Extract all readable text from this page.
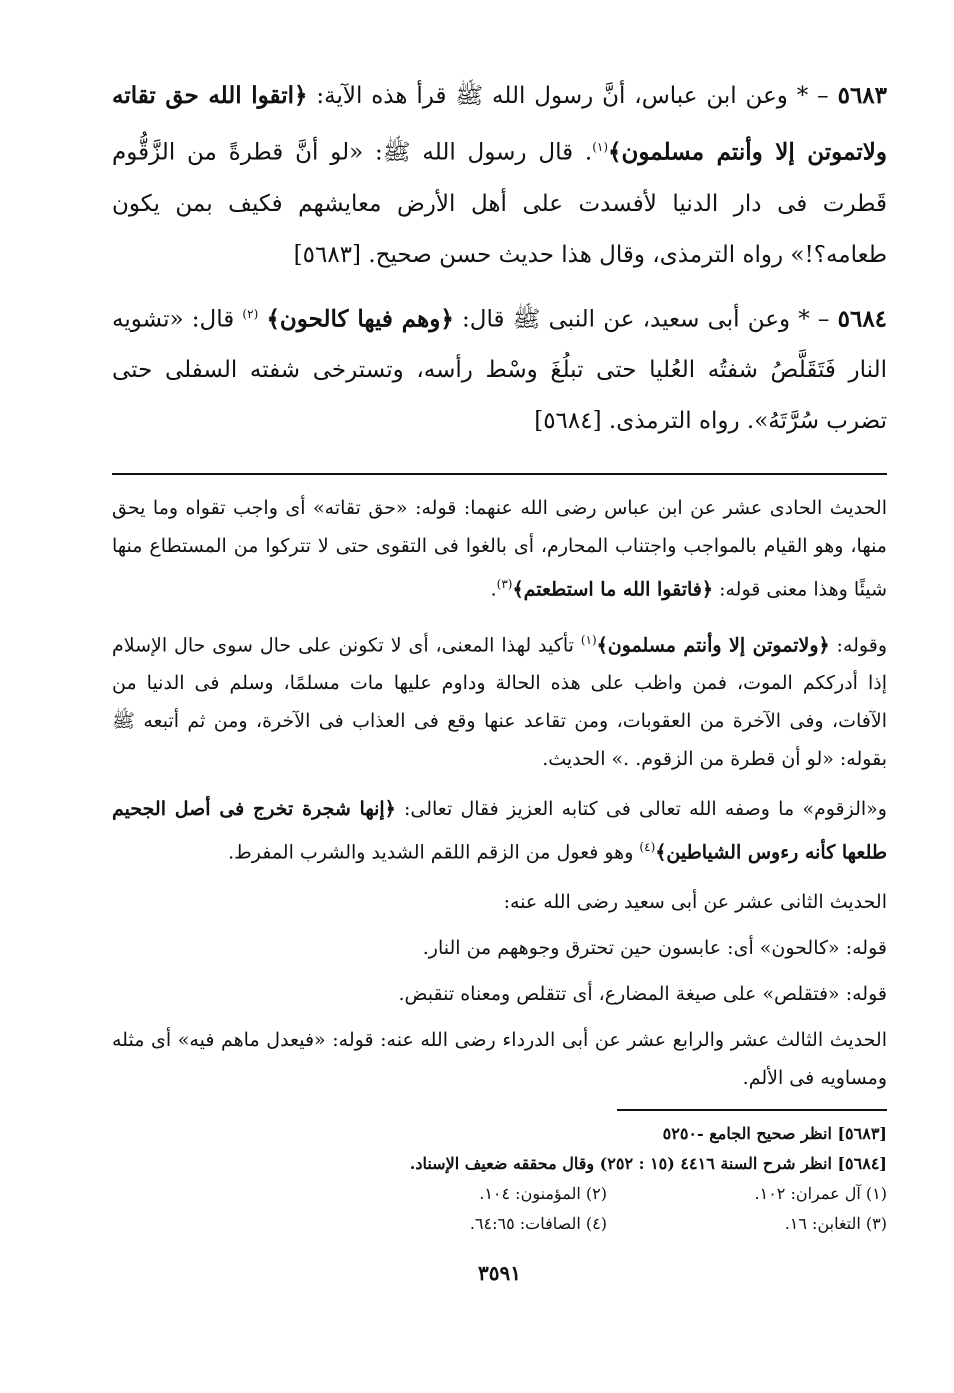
٥٦٨٣ – * وعن ابن عباس، أنَّ رسول الله ﷺ قرأ هذه الآية: ﴿اتقوا الله حق تقاته ولاتموتن إلا وأنتم مسلمون﴾$^{(١)}$. قال رسول الله ﷺ: «لو أنَّ قطرةً من الزَّقُّوم قَطرت فى دار الدنيا لأفسدت على أهل الأرض معايشهم فكيف بمن يكون طعامه؟!» رواه الترمذى، وقال هذا حديث حسن صحيح. [٥٦٨٣]

٥٦٨٤ – * وعن أبى سعيد، عن النبى ﷺ قال: ﴿وهم فيها كالحون﴾ $^{(٢)}$ قال: «تشويه النار فَتَقَلَّصُ شفتُه العُليا حتى تبلُغَ وسْط رأسه، وتسترخى شفته السفلى حتى تضرب سُرَّتَهُ». رواه الترمذى. [٥٦٨٤]

الحديث الحادى عشر عن ابن عباس رضى الله عنهما: قوله: «حق تقاته» أى واجب تقواه وما يحق منها، وهو القيام بالمواجب واجتناب المحارم، أى بالغوا فى التقوى حتى لا تتركوا من المستطاع منها شيئًا وهذا معنى قوله: ﴿فاتقوا الله ما استطعتم﴾$^{(٣)}$.

وقوله: ﴿ولاتموتن إلا وأنتم مسلمون﴾$^{(١)}$ تأكيد لهذا المعنى، أى لا تكونن على حال سوى حال الإسلام إذا أدرككم الموت، فمن واظب على هذه الحالة وداوم عليها مات مسلمًا، وسلم فى الدنيا من الآفات، وفى الآخرة من العقوبات، ومن تقاعد عنها وقع فى العذاب فى الآخرة، ومن ثم أتبعه ﷺ بقوله: «لو أن قطرة من الزقوم. .» الحديث.

و«الزقوم» ما وصفه الله تعالى فى كتابه العزيز فقال تعالى: ﴿إنها شجرة تخرج فى أصل الجحيم طلعها كأنه رءوس الشياطين﴾$^{(٤)}$ وهو فعول من الزقم اللقم الشديد والشرب المفرط.

الحديث الثانى عشر عن أبى سعيد رضى الله عنه:

قوله: «كالحون» أى: عابسون حين تحترق وجوههم من النار.

قوله: «فتقلص» على صيغة المضارع، أى تتقلص ومعناه تنقبض.

الحديث الثالث عشر والرابع عشر عن أبى الدرداء رضى الله عنه: قوله: «فيعدل ماهم فيه» أى مثله ومساويه فى الألم.

[٥٦٨٣] انظر صحيح الجامع -٥٢٥٠
[٥٦٨٤] انظر شرح السنة ٤٤١٦ (١٥ : ٢٥٢) وقال محققه ضعيف الإسناد.
(١) آل عمران: ١٠٢.
(٢) المؤمنون: ١٠٤.
(٣) التغابن: ١٦.
(٤) الصافات: ٦٤:٦٥.
٣٥٩١
